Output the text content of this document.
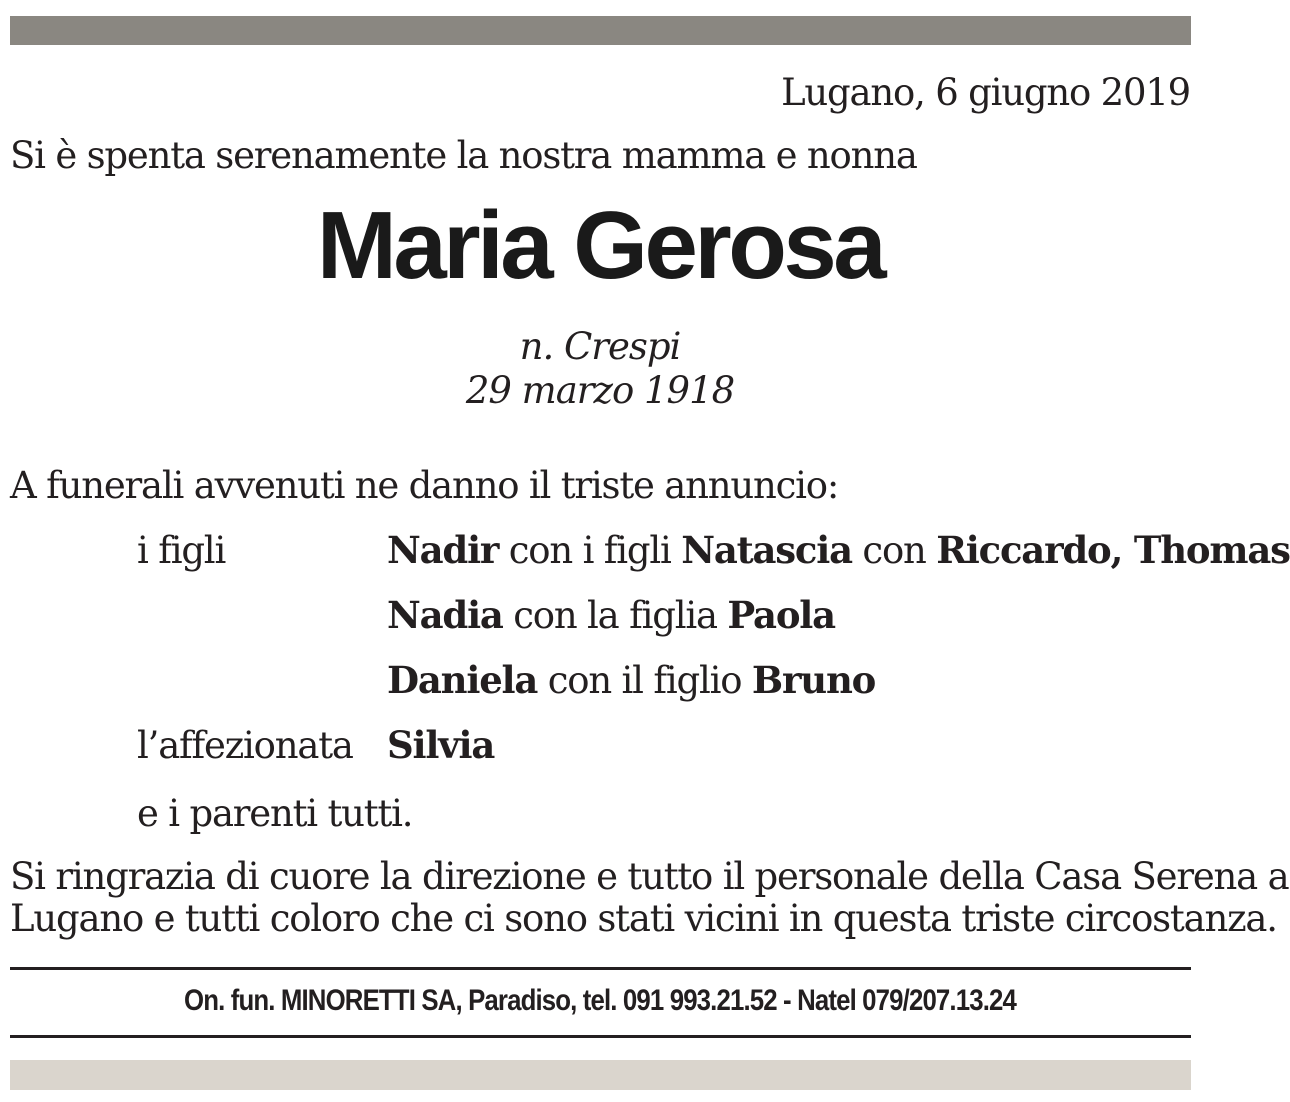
Lugano, 6 giugno 2019
Si è spenta serenamente la nostra mamma e nonna
Maria Gerosa
n. Crespi
29 marzo 1918
A funerali avvenuti ne danno il triste annuncio:
i figli	Nadir con i figli Natascia con Riccardo, Thomas
Nadia con la figlia Paola
Daniela con il figlio Bruno
l’affezionata Silvia
e i parenti tutti.
Si ringrazia di cuore la direzione e tutto il personale della Casa Serena a
Lugano e tutti coloro che ci sono stati vicini in questa triste circostanza.
On. fun. MINORETTI SA, Paradiso, tel. 091 993.21.52 - Natel 079/207.13.24
